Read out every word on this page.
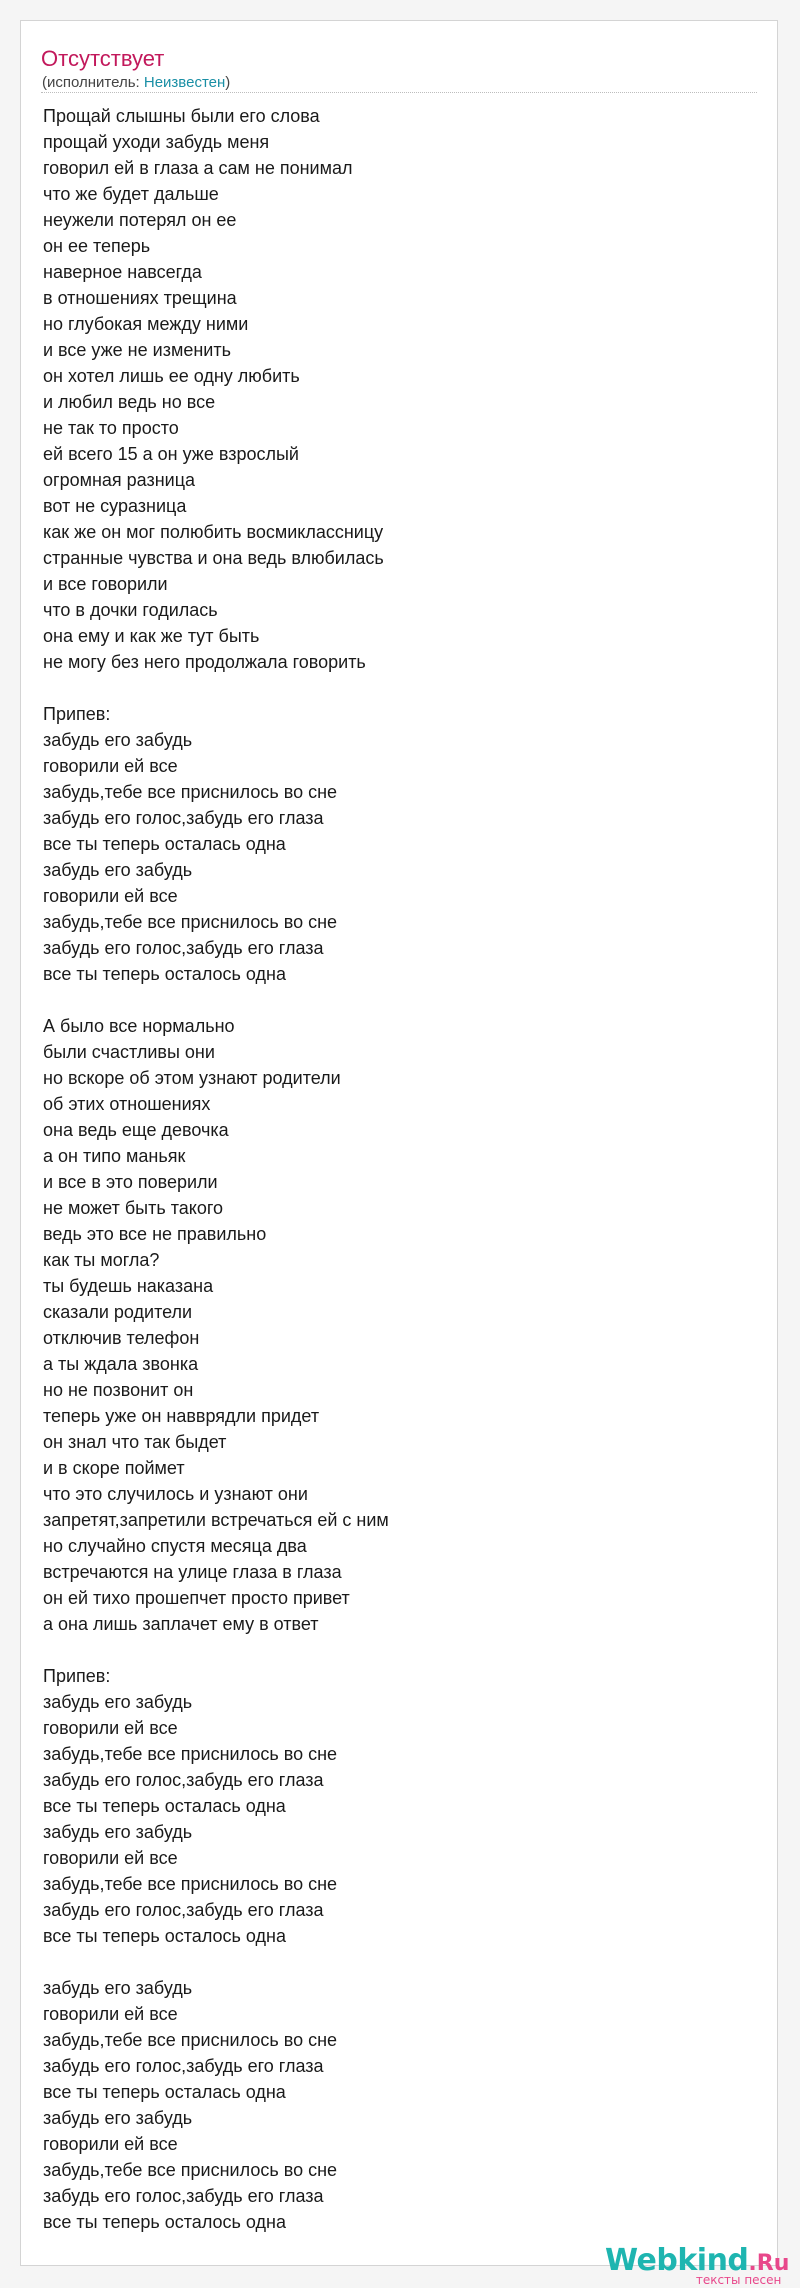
Отсутствует
(исполнитель: Неизвестен)
Прощай слышны были его слова
прощай уходи забудь меня
говорил ей в глаза а сам не понимал
что же будет дальше
неужели потерял он ее
он ее теперь
наверное навсегда
в отношениях трещина
но глубокая между ними
и все уже не изменить
он хотел лишь ее одну любить
и любил ведь но все
не так то просто
ей всего 15 а он уже взрослый
огромная разница
вот не суразница
как же он мог полюбить восмиклассницу
странные чувства и она ведь влюбилась
и все говорили
что в дочки годилась
она ему и как же тут быть
не могу без него продолжала говорить
Припев:
забудь его забудь
говорили ей все
забудь,тебе все приснилось во сне
забудь его голос,забудь его глаза
все ты теперь осталась одна
забудь его забудь
говорили ей все
забудь,тебе все приснилось во сне
забудь его голос,забудь его глаза
все ты теперь осталось одна
А было все нормально
были счастливы они
но вскоре об этом узнают родители
об этих отношениях
она ведь еще девочка
а он типо маньяк
и все в это поверили
не может быть такого
ведь это все не правильно
как ты могла?
ты будешь наказана
сказали родители
отключив телефон
а ты ждала звонка
но не позвонит он
теперь уже он навврядли придет
он знал что так быдет
и в скоре поймет
что это случилось и узнают они
запретят,запретили встречаться ей с ним
но случайно спустя месяца два
встречаются на улице глаза в глаза
он ей тихо прошепчет просто привет
а она лишь заплачет ему в ответ
Припев:
забудь его забудь
говорили ей все
забудь,тебе все приснилось во сне
забудь его голос,забудь его глаза
все ты теперь осталась одна
забудь его забудь
говорили ей все
забудь,тебе все приснилось во сне
забудь его голос,забудь его глаза
все ты теперь осталось одна
забудь его забудь
говорили ей все
забудь,тебе все приснилось во сне
забудь его голос,забудь его глаза
все ты теперь осталась одна
забудь его забудь
говорили ей все
забудь,тебе все приснилось во сне
забудь его голос,забудь его глаза
все ты теперь осталось одна
Webkind.Ru
тексты песен
